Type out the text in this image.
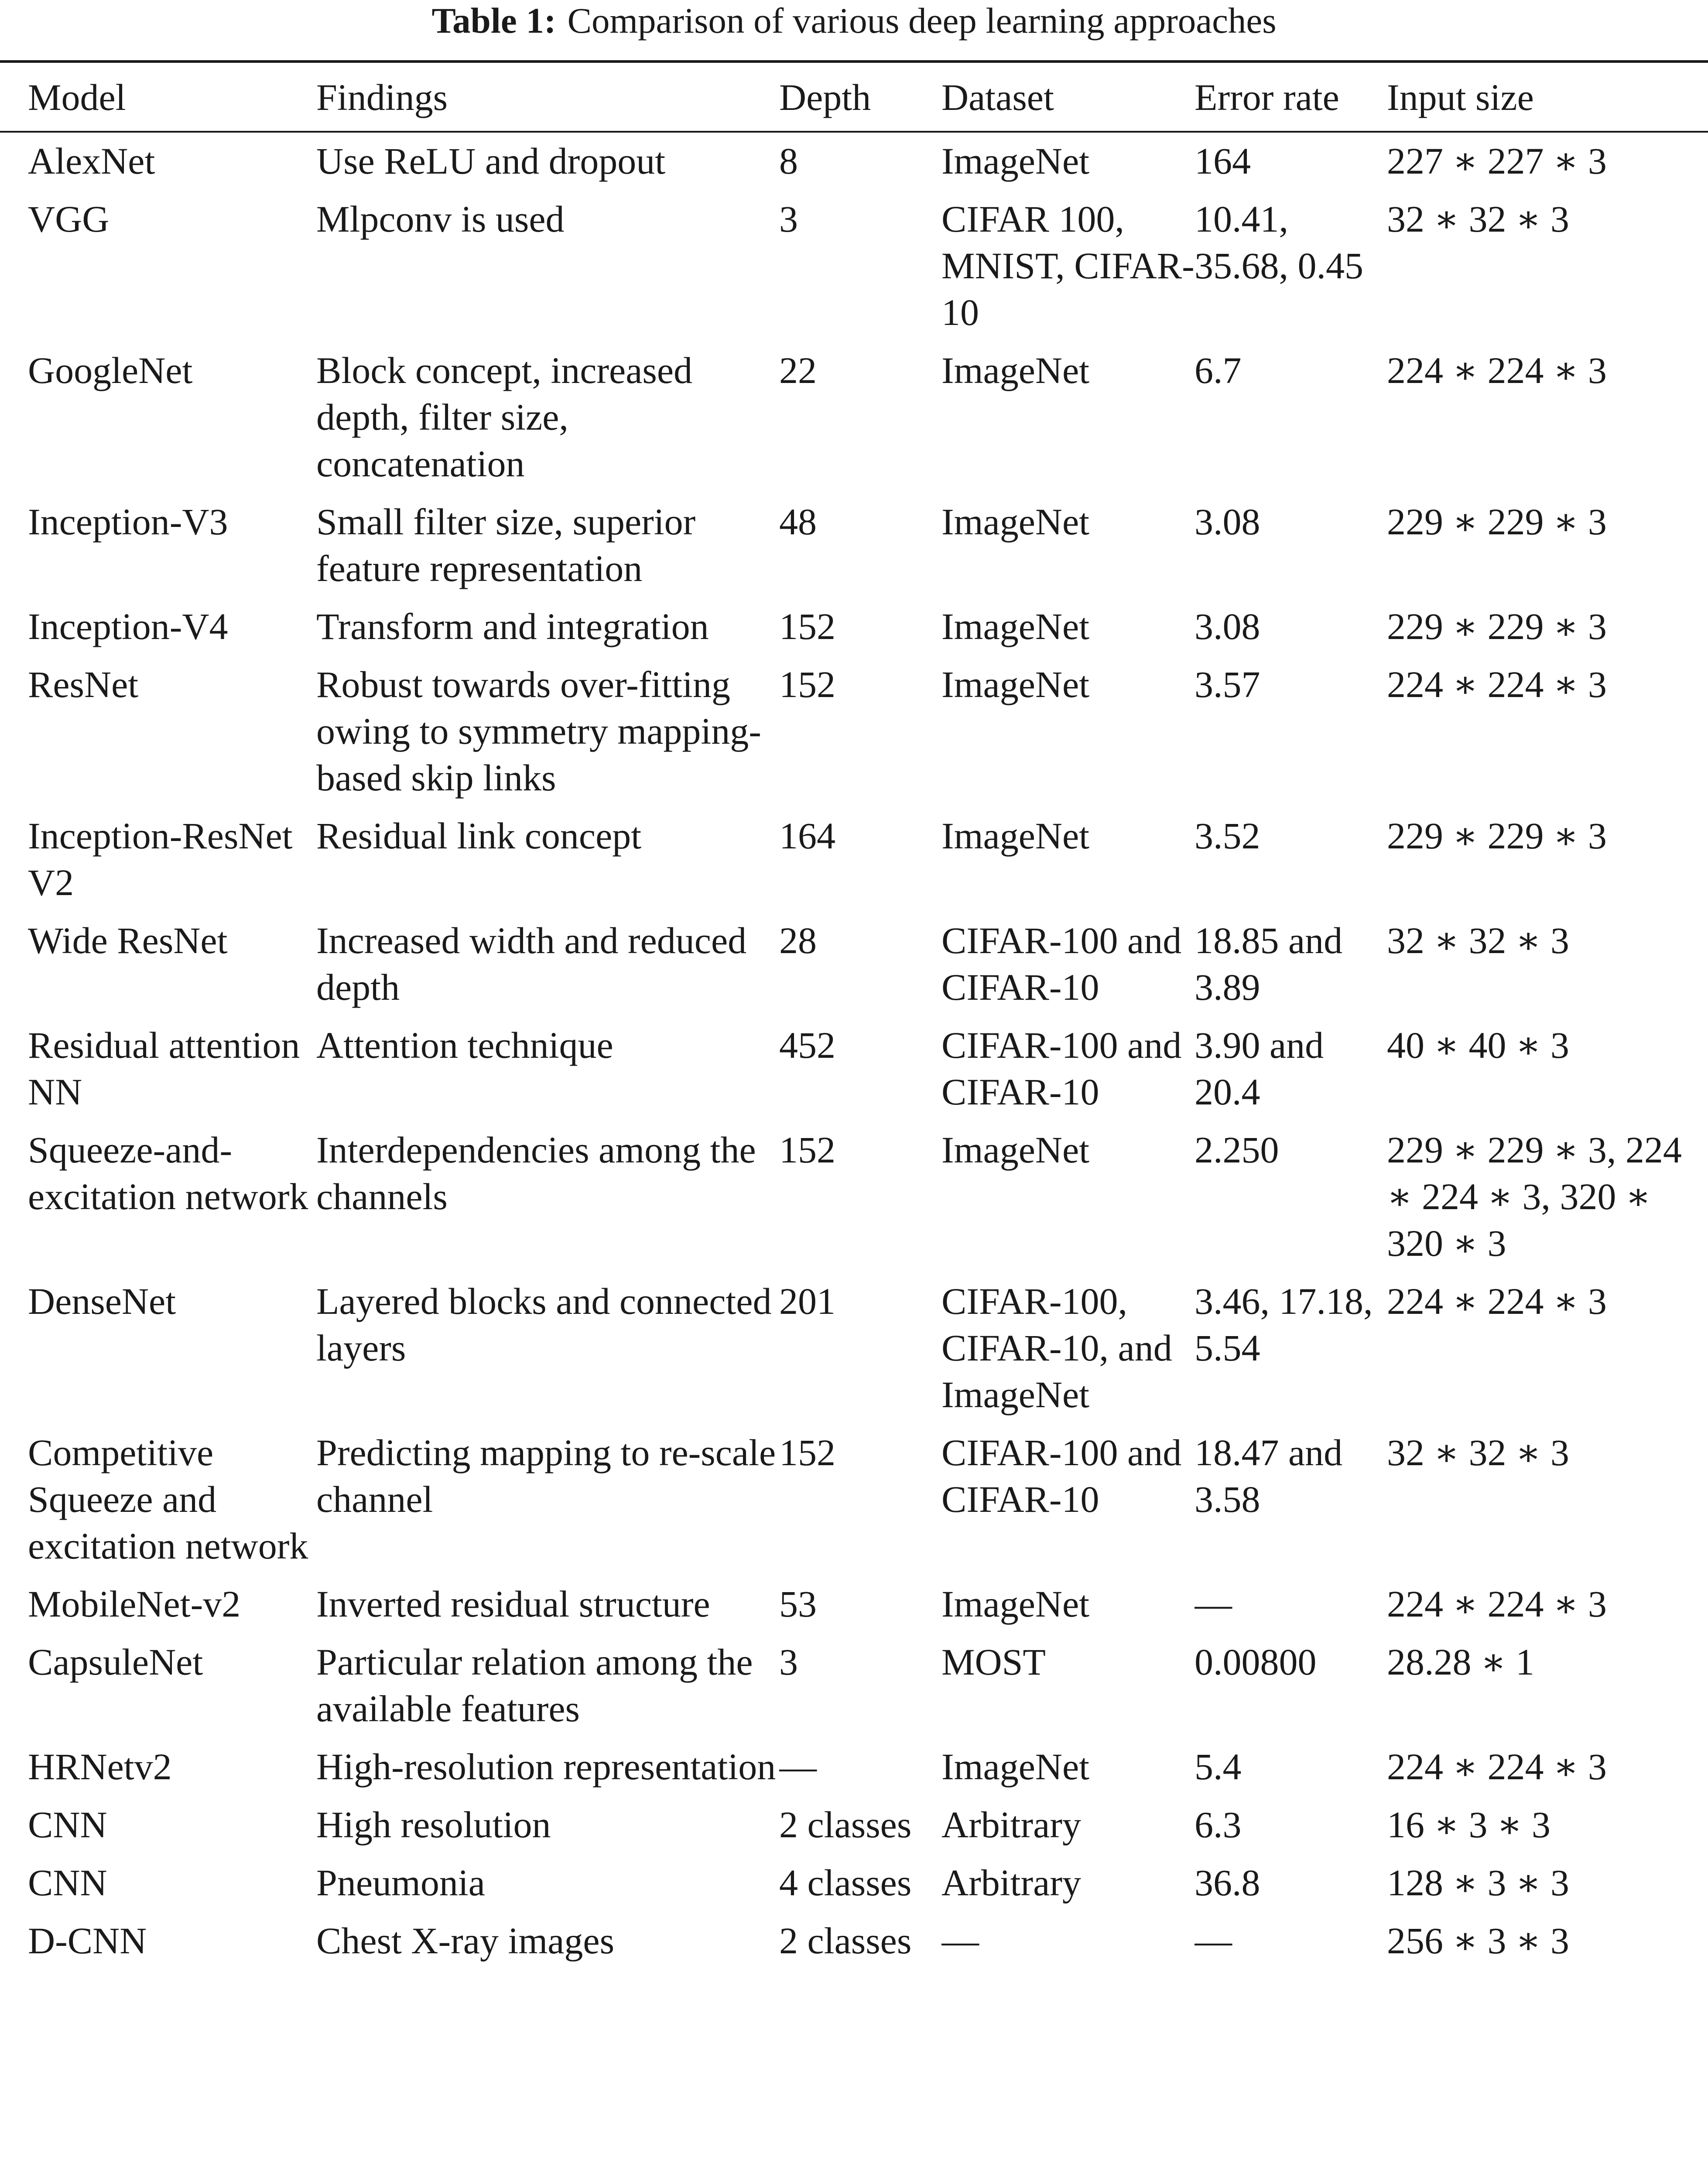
Table 1: Comparison of various deep learning approaches
Model	Findings	Depth	Dataset	Error rate	Input size
AlexNet	Use ReLU and dropout	8	ImageNet	164	227 ∗ 227 ∗ 3
VGG	Mlpconv is used	3	CIFAR 100, MNIST, CIFAR-10	10.41, 35.68, 0.45	32 ∗ 32 ∗ 3
GoogleNet	Block concept, increased depth, filter size, concatenation	22	ImageNet	6.7	224 ∗ 224 ∗ 3
Inception-V3	Small filter size, superior feature representation	48	ImageNet	3.08	229 ∗ 229 ∗ 3
Inception-V4	Transform and integration	152	ImageNet	3.08	229 ∗ 229 ∗ 3
ResNet	Robust towards over-fitting owing to symmetry mapping-based skip links	152	ImageNet	3.57	224 ∗ 224 ∗ 3
Inception-ResNet V2	Residual link concept	164	ImageNet	3.52	229 ∗ 229 ∗ 3
Wide ResNet	Increased width and reduced depth	28	CIFAR-100 and CIFAR-10	18.85 and 3.89	32 ∗ 32 ∗ 3
Residual attention NN	Attention technique	452	CIFAR-100 and CIFAR-10	3.90 and 20.4	40 ∗ 40 ∗ 3
Squeeze-and-excitation network	Interdependencies among the channels	152	ImageNet	2.250	229 ∗ 229 ∗ 3, 224 ∗ 224 ∗ 3, 320 ∗ 320 ∗ 3
DenseNet	Layered blocks and connected layers	201	CIFAR-100, CIFAR-10, and ImageNet	3.46, 17.18, 5.54	224 ∗ 224 ∗ 3
Competitive Squeeze and excitation network	Predicting mapping to re-scale channel	152	CIFAR-100 and CIFAR-10	18.47 and 3.58	32 ∗ 32 ∗ 3
MobileNet-v2	Inverted residual structure	53	ImageNet	—	224 ∗ 224 ∗ 3
CapsuleNet	Particular relation among the available features	3	MOST	0.00800	28.28 ∗ 1
HRNetv2	High-resolution representation	—	ImageNet	5.4	224 ∗ 224 ∗ 3
CNN	High resolution	2 classes	Arbitrary	6.3	16 ∗ 3 ∗ 3
CNN	Pneumonia	4 classes	Arbitrary	36.8	128 ∗ 3 ∗ 3
D-CNN	Chest X-ray images	2 classes	—	—	256 ∗ 3 ∗ 3
